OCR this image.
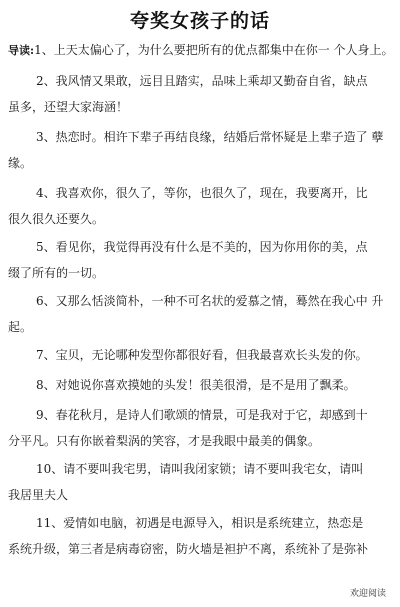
夸奖女孩子的话
导读:1、上天太偏心了，为什么要把所有的优点都集中在你一 个人身上。
2、我风情又果敢，远目且踏实，品味上乘却又勤奋自省，缺点
虽多，还望大家海涵！
3、热恋时。相许下辈子再结良缘，结婚后常怀疑是上辈子造了 孽
缘。
4、我喜欢你，很久了，等你，也很久了，现在，我要离开，比
很久很久还要久。
5、看见你，我觉得再没有什么是不美的，因为你用你的美，点
缀了所有的一切。
6、又那么恬淡简朴，一种不可名状的爱慕之情，蓦然在我心中 升
起。
7、宝贝，无论哪种发型你都很好看，但我最喜欢长头发的你。
8、对她说你喜欢摸她的头发！很美很滑，是不是用了飘柔。
9、春花秋月，是诗人们歌颂的情景，可是我对于它，却感到十
分平凡。只有你嵌着梨涡的笑容，才是我眼中最美的偶象。
10、请不要叫我宅男，请叫我闭家锁；请不要叫我宅女，请叫
我居里夫人
11、爱情如电脑，初遇是电源导入，相识是系统建立，热恋是
系统升级，第三者是病毒窃密，防火墙是袒护不离，系统补了是弥补
欢迎阅读
